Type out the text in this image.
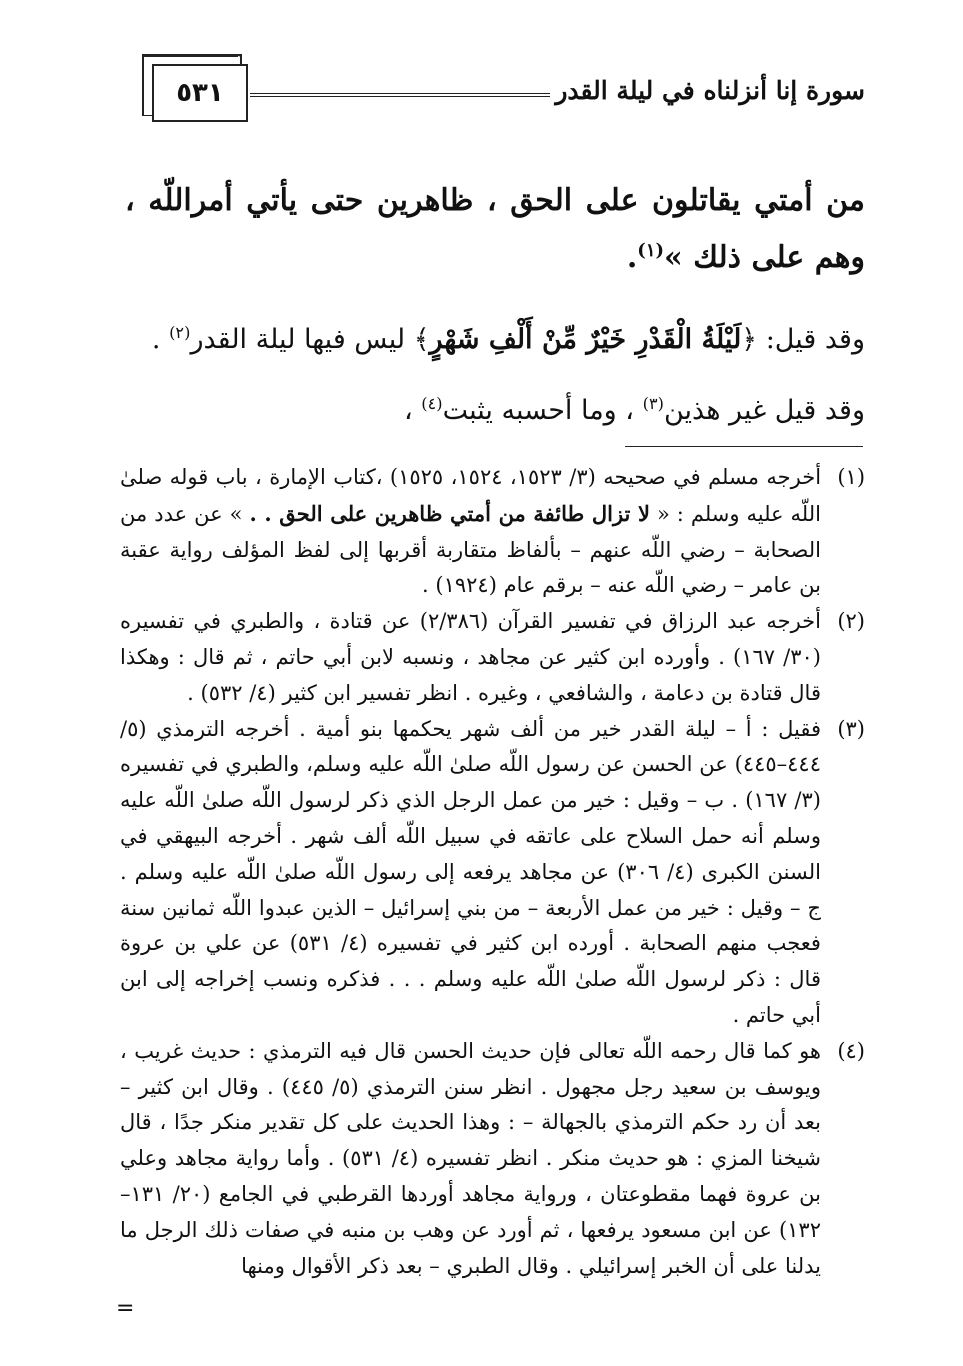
٥٣١	سورة إنا أنزلناه في ليلة القدر

من أمتي يقاتلون على الحق ، ظاهرين حتى يأتي أمراللّه ، وهم على ذلك »$^{(١)}$.

وقد قيل: ﴿لَيْلَةُ الْقَدْرِ خَيْرٌ مِّنْ أَلْفِ شَهْرٍ﴾ ليس فيها ليلة القدر$^{(٢)}$ .

وقد قيل غير هذين$^{(٣)}$ ، وما أحسبه يثبت$^{(٤)}$ ،

(١)أخرجه مسلم في صحيحه (٣/ ١٥٢٣، ١٥٢٤، ١٥٢٥) ،كتاب الإمارة ، باب قوله صلىٰ اللّه عليه وسلم : « لا تزال طائفة من أمتي ظاهرين على الحق . . » عن عدد من الصحابة – رضي اللّه عنهم – بألفاظ متقاربة أقربها إلى لفظ المؤلف رواية عقبة بن عامر – رضي اللّه عنه – برقم عام (١٩٢٤) .

(٢)أخرجه عبد الرزاق في تفسير القرآن (٢/٣٨٦) عن قتادة ، والطبري في تفسيره (٣٠/ ١٦٧) . وأورده ابن كثير عن مجاهد ، ونسبه لابن أبي حاتم ، ثم قال : وهكذا قال قتادة بن دعامة ، والشافعي ، وغيره . انظر تفسير ابن كثير (٤/ ٥٣٢) .

(٣)فقيل : أ – ليلة القدر خير من ألف شهر يحكمها بنو أمية . أخرجه الترمذي (٥/ ٤٤٤–٤٤٥) عن الحسن عن رسول اللّه صلىٰ اللّه عليه وسلم، والطبري في تفسيره (٣/ ١٦٧) . ب – وقيل : خير من عمل الرجل الذي ذكر لرسول اللّه صلىٰ اللّه عليه وسلم أنه حمل السلاح على عاتقه في سبيل اللّه ألف شهر . أخرجه البيهقي في السنن الكبرى (٤/ ٣٠٦) عن مجاهد يرفعه إلى رسول اللّه صلىٰ اللّه عليه وسلم . ج – وقيل : خير من عمل الأربعة – من بني إسرائيل – الذين عبدوا اللّه ثمانين سنة فعجب منهم الصحابة . أورده ابن كثير في تفسيره (٤/ ٥٣١) عن علي بن عروة قال : ذكر لرسول اللّه صلىٰ اللّه عليه وسلم . . . فذكره ونسب إخراجه إلى ابن أبي حاتم .

(٤)هو كما قال رحمه اللّه تعالى فإن حديث الحسن قال فيه الترمذي : حديث غريب ، ويوسف بن سعيد رجل مجهول . انظر سنن الترمذي (٥/ ٤٤٥) . وقال ابن كثير – بعد أن رد حكم الترمذي بالجهالة – : وهذا الحديث على كل تقدير منكر جدًا ، قال شيخنا المزي : هو حديث منكر . انظر تفسيره (٤/ ٥٣١) . وأما رواية مجاهد وعلي بن عروة فهما مقطوعتان ، ورواية مجاهد أوردها القرطبي في الجامع (٢٠/ ١٣١–١٣٢) عن ابن مسعود يرفعها ، ثم أورد عن وهب بن منبه في صفات ذلك الرجل ما يدلنا على أن الخبر إسرائيلي . وقال الطبري – بعد ذكر الأقوال ومنها

=
